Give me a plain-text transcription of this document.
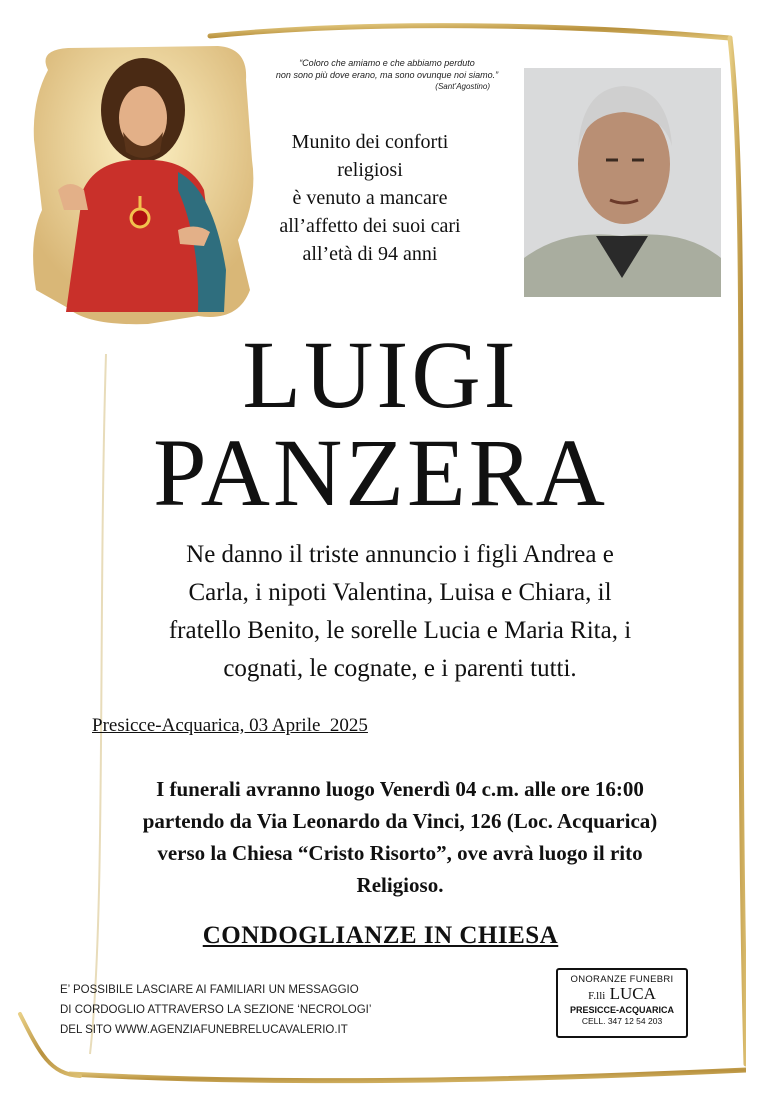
“Coloro che amiamo e che abbiamo perduto
non sono più dove erano, ma sono ovunque noi siamo.”
(Sant’Agostino)
Munito dei conforti
religiosi
è venuto a mancare
all’affetto dei suoi cari
all’età di 94 anni
LUIGI
PANZERA
Ne danno il triste annuncio i figli Andrea e
Carla, i nipoti Valentina, Luisa e Chiara, il
fratello Benito, le sorelle Lucia e Maria Rita, i
cognati, le cognate, e i parenti tutti.
Presicce-Acquarica, 03 Aprile  2025
I funerali avranno luogo Venerdì 04 c.m. alle ore 16:00
partendo da Via Leonardo da Vinci, 126 (Loc. Acquarica)
verso la Chiesa “Cristo Risorto”, ove avrà luogo il rito
Religioso.
CONDOGLIANZE IN CHIESA
E’ POSSIBILE LASCIARE AI FAMILIARI UN MESSAGGIO
DI CORDOGLIO ATTRAVERSO LA SEZIONE ‘NECROLOGI’
DEL SITO WWW.AGENZIAFUNEBRELUCAVALERIO.IT
ONORANZE FUNEBRI
F.lli LUCA
PRESICCE-ACQUARICA
CELL. 347 12 54 203
